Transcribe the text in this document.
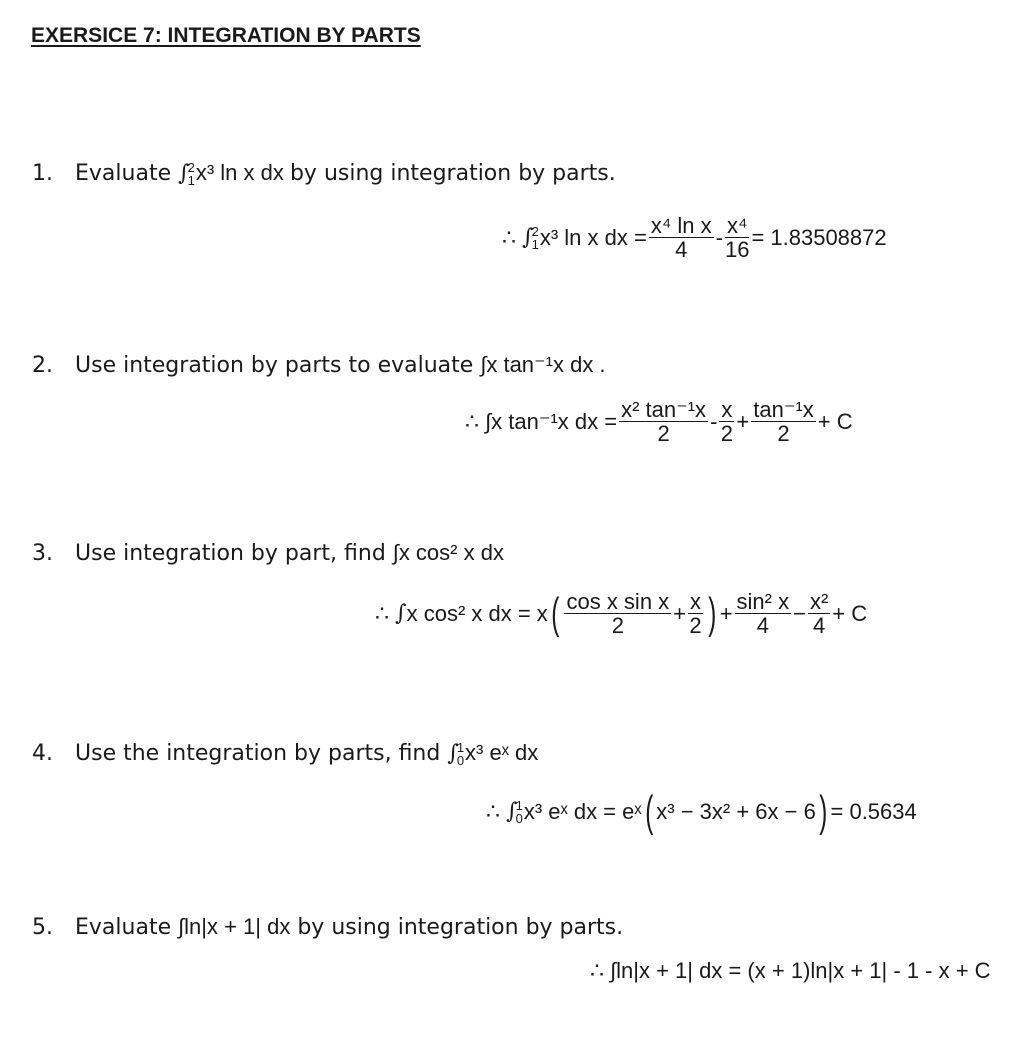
EXERSICE 7: INTEGRATION BY PARTS
1. Evaluate ∫
2
1 x³ ln x dx by using integration by parts.
∴
∫
2
1 x³ ln x dx = $\frac{\text{x⁴ ln x}}{4} - \frac{\text{x⁴}}{16} = 1.83508872$
2. Use integration by parts to evaluate ∫x tan⁻¹x dx .
∴
∫x tan⁻¹x dx = $\frac{\text{x² tan⁻¹x}}{2} - \frac{x}{2} + \frac{\text{tan⁻¹x}}{2} + C$
3. Use integration by part, find ∫x cos² x dx
∴
∫ x cos² x dx = x ( $\frac{\text{cos x sin x}}{2} + \frac{x}{2}$ ) + $\frac{\text{sin² x}}{4} - \frac{\text{x²}}{4} + C$
4. Use the integration by parts, find ∫
1
0 x³ eˣ dx
∴
∫
1
0 x³ eˣ dx = eˣ ( x³ − 3x² + 6x − 6 ) = 0.5634
5. Evaluate ∫ln|x + 1| dx by using integration by parts.
∴
∫ln|x + 1| dx = (x + 1)ln|x + 1| - 1 - x + C
